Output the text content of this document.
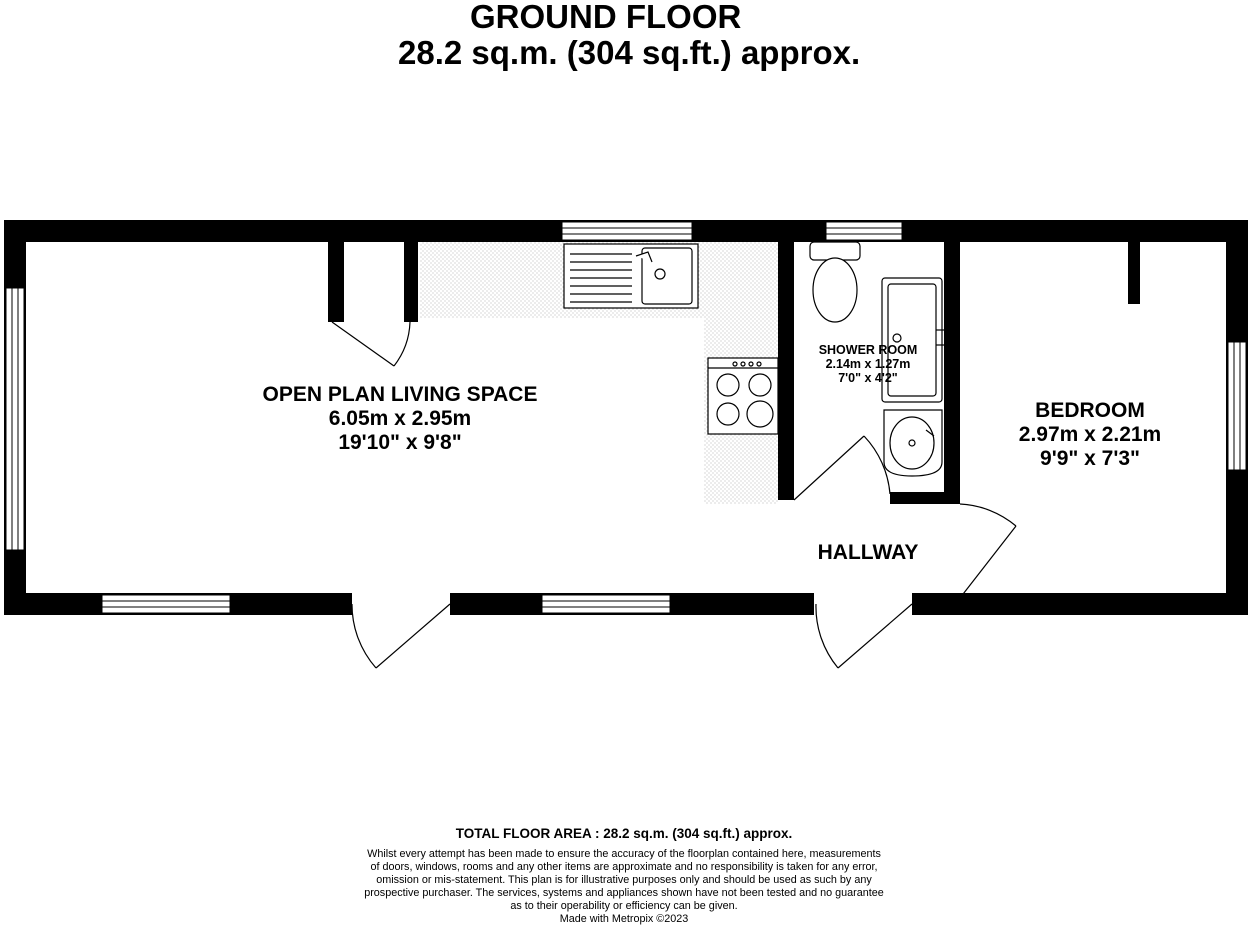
GROUND FLOOR
28.2 sq.m. (304 sq.ft.) approx.
OPEN PLAN LIVING SPACE
6.05m x 2.95m
19'10" x 9'8"
SHOWER ROOM
2.14m x 1.27m
7'0" x 4'2"
BEDROOM
2.97m x 2.21m
9'9" x 7'3"
HALLWAY
TOTAL FLOOR AREA : 28.2 sq.m. (304 sq.ft.) approx.
Whilst every attempt has been made to ensure the accuracy of the floorplan contained here, measurements
of doors, windows, rooms and any other items are approximate and no responsibility is taken for any error,
omission or mis-statement. This plan is for illustrative purposes only and should be used as such by any
prospective purchaser. The services, systems and appliances shown have not been tested and no guarantee
as to their operability or efficiency can be given.
Made with Metropix ©2023
